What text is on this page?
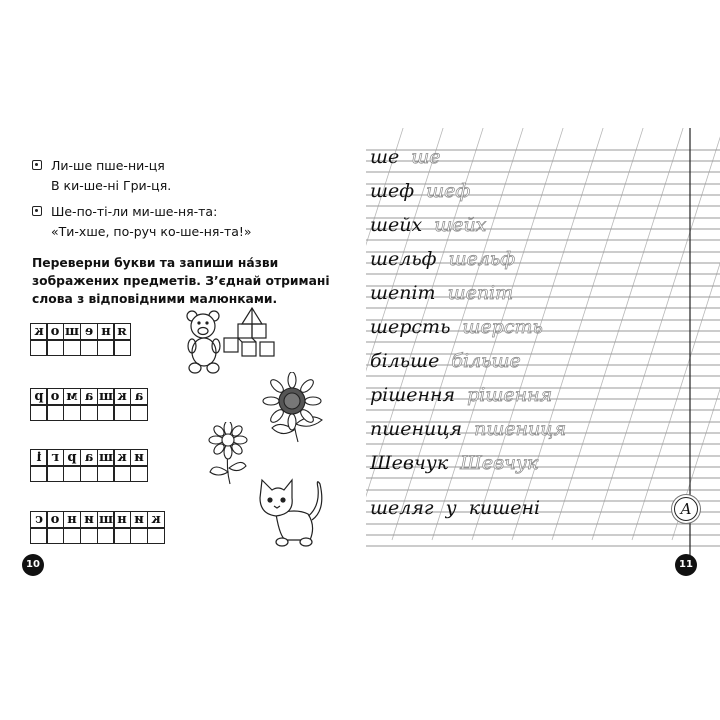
Ли-ше пше-ни-ця
В ки-ше-ні Гри-ця.
Ше-по-ті-ли ми-ше-ня-та:
«Ти-хше, по-руч ко-ше-ня-та!»
Переверни букви та запиши на́зви зображених предметів. З’єднай отримані слова з відповідними малюнками.
к о ш е н я
р о м а ш к а
і г р а ш к и
с о н и ш н и к
10
ше ше
шеф шеф
шейх шейх
шельф шельф
шепіт шепіт
шерсть шерсть
більше більше
рішення рішення
пшениця пшениця
Шевчук Шевчук
шеляг  у  кишені	А
11
